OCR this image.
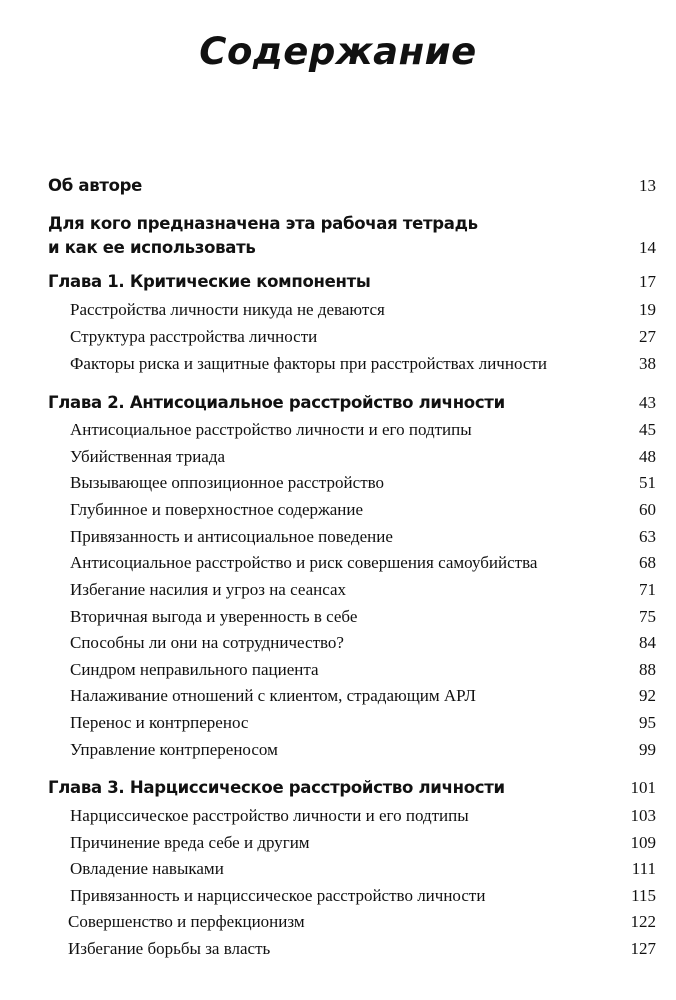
Содержание
Об авторе	13
Для кого предназначена эта рабочая тетрадь
и как ее использовать	14
Глава 1. Критические компоненты	17
Расстройства личности никуда не деваются	19
Структура расстройства личности	27
Факторы риска и защитные факторы при расстройствах личности	38
Глава 2. Антисоциальное расстройство личности	43
Антисоциальное расстройство личности и его подтипы	45
Убийственная триада	48
Вызывающее оппозиционное расстройство	51
Глубинное и поверхностное содержание	60
Привязанность и антисоциальное поведение	63
Антисоциальное расстройство и риск совершения самоубийства	68
Избегание насилия и угроз на сеансах	71
Вторичная выгода и уверенность в себе	75
Способны ли они на сотрудничество?	84
Синдром неправильного пациента	88
Налаживание отношений с клиентом, страдающим АРЛ	92
Перенос и контрперенос	95
Управление контрпереносом	99
Глава 3. Нарциссическое расстройство личности	101
Нарциссическое расстройство личности и его подтипы	103
Причинение вреда себе и другим	109
Овладение навыками	111
Привязанность и нарциссическое расстройство личности	115
Совершенство и перфекционизм	122
Избегание борьбы за власть	127
